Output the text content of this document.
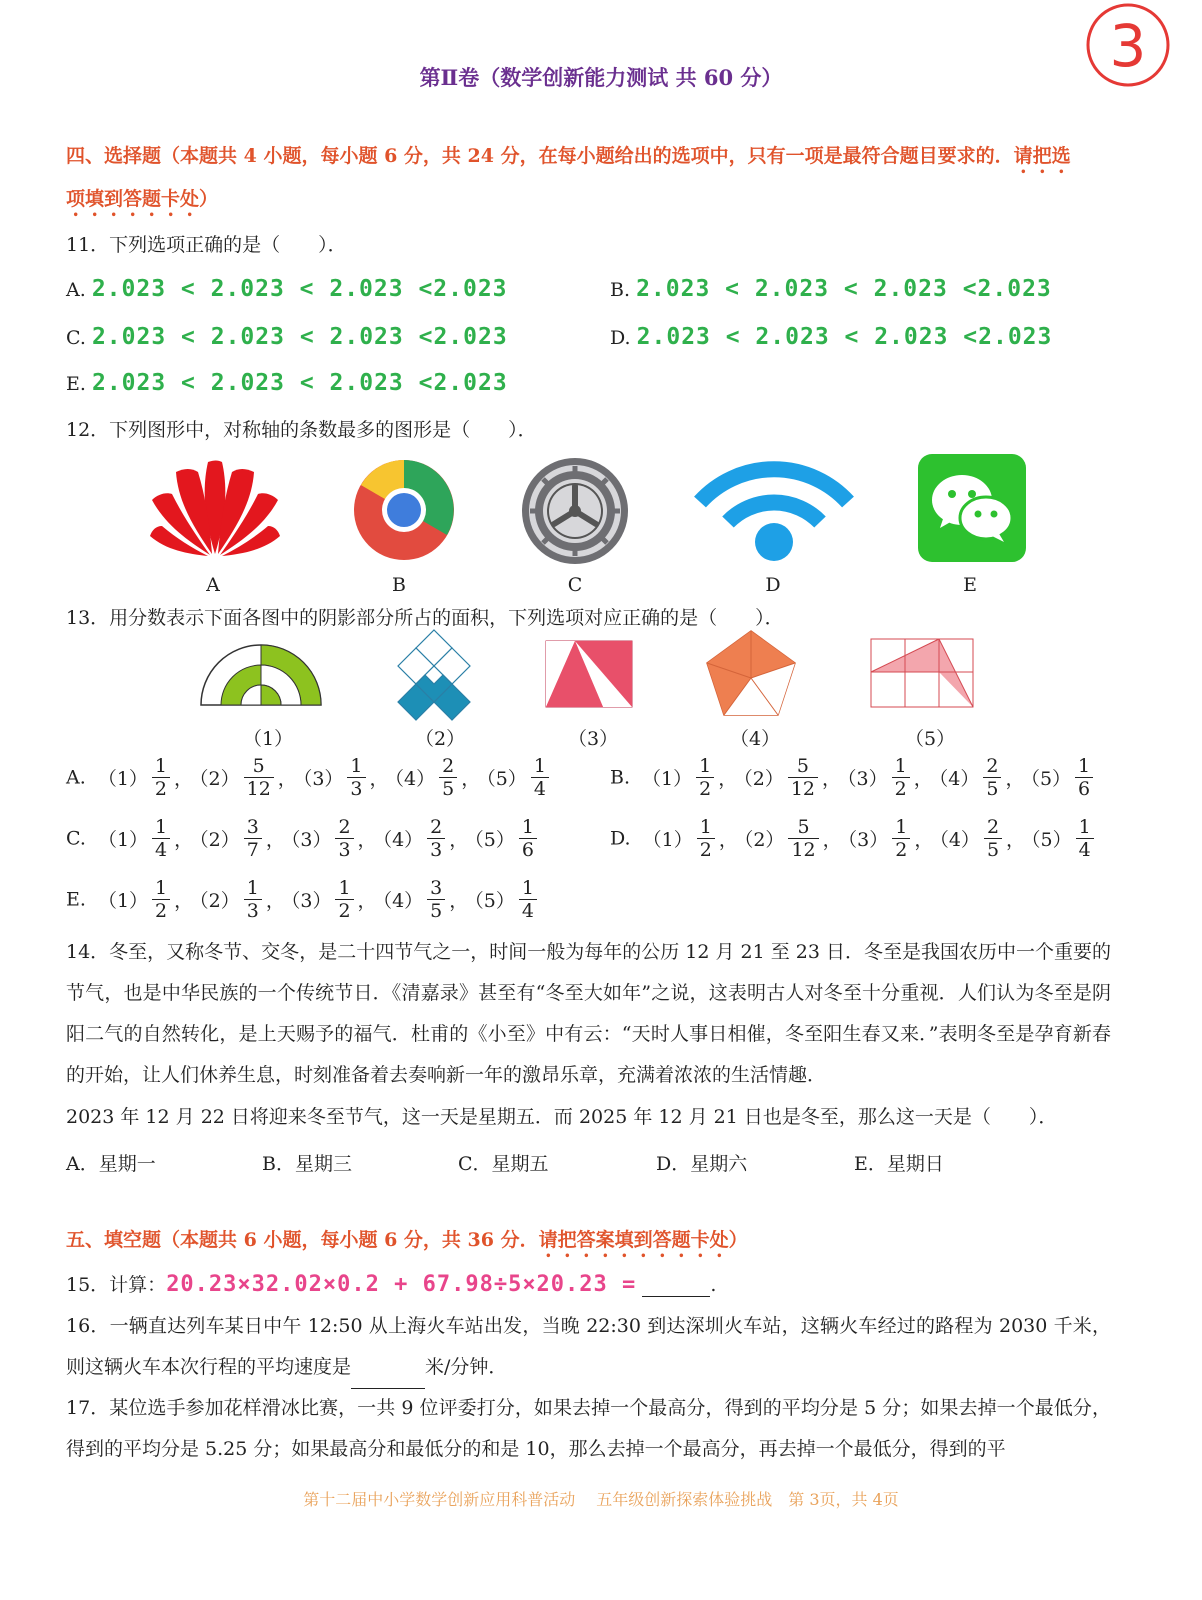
3
第Ⅱ卷（数学创新能力测试 共 60 分）
四、选择题（本题共 4 小题，每小题 6 分，共 24 分，在每小题给出的选项中，只有一项是最符合题目要求的．请把选
项填到答题卡处）
11．下列选项正确的是（　　）．
A. 2.023 < 2.023 < 2.023 <2.023	B. 2.023 < 2.023 < 2.023 <2.023
C. 2.023 < 2.023 < 2.023 <2.023	D. 2.023 < 2.023 < 2.023 <2.023
E. 2.023 < 2.023 < 2.023 <2.023
12．下列图形中，对称轴的条数最多的图形是（　　）．
A	B	C	D	E
13．用分数表示下面各图中的阴影部分所占的面积，下列选项对应正确的是（　　）．
（1）	（2）	（3）	（4）	（5）
A. $(1) \frac{1}{2}$ ， $(2) \frac{5}{12}$ ， $(3) \frac{1}{3}$ ， $(4) \frac{2}{5}$ ， $(5) \frac{1}{4}$	B. $(1) \frac{1}{2}$ ， $(2) \frac{5}{12}$ ， $(3) \frac{1}{2}$ ， $(4) \frac{2}{5}$ ， $(5) \frac{1}{6}$
C. $(1) \frac{1}{4}$ ， $(2) \frac{3}{7}$ ， $(3) \frac{2}{3}$ ， $(4) \frac{2}{3}$ ， $(5) \frac{1}{6}$	D. $(1) \frac{1}{2}$ ， $(2) \frac{5}{12}$ ， $(3) \frac{1}{2}$ ， $(4) \frac{2}{5}$ ， $(5) \frac{1}{4}$
E. $(1) \frac{1}{2}$ ， $(2) \frac{1}{3}$ ， $(3) \frac{1}{2}$ ， $(4) \frac{3}{5}$ ， $(5) \frac{1}{4}$
14．冬至，又称冬节、交冬，是二十四节气之一，时间一般为每年的公历 12 月 21 至 23 日．冬至是我国农历中一个重要的节气，也是中华民族的一个传统节日．《清嘉录》甚至有“冬至大如年”之说，这表明古人对冬至十分重视．人们认为冬至是阴阳二气的自然转化，是上天赐予的福气．杜甫的《小至》中有云：“天时人事日相催，冬至阳生春又来．”表明冬至是孕育新春的开始，让人们休养生息，时刻准备着去奏响新一年的激昂乐章，充满着浓浓的生活情趣．
2023 年 12 月 22 日将迎来冬至节气，这一天是星期五．而 2025 年 12 月 21 日也是冬至，那么这一天是（　　）．
A．星期一	B．星期三	C．星期五	D．星期六	E．星期日
五、填空题（本题共 6 小题，每小题 6 分，共 36 分．请把答案填到答题卡处）
15．计算：20.23×32.02×0.2 + 67.98÷5×20.23 =	.
16．一辆直达列车某日中午 12:50 从上海火车站出发，当晚 22:30 到达深圳火车站，这辆火车经过的路程为 2030 千米，则这辆火车本次行程的平均速度是	米/分钟．
17．某位选手参加花样滑冰比赛，一共 9 位评委打分，如果去掉一个最高分，得到的平均分是 5 分；如果去掉一个最低分，得到的平均分是 5.25 分；如果最高分和最低分的和是 10，那么去掉一个最高分，再去掉一个最低分，得到的平
第十二届中小学数学创新应用科普活动　 五年级创新探索体验挑战　第 3页，共 4页
